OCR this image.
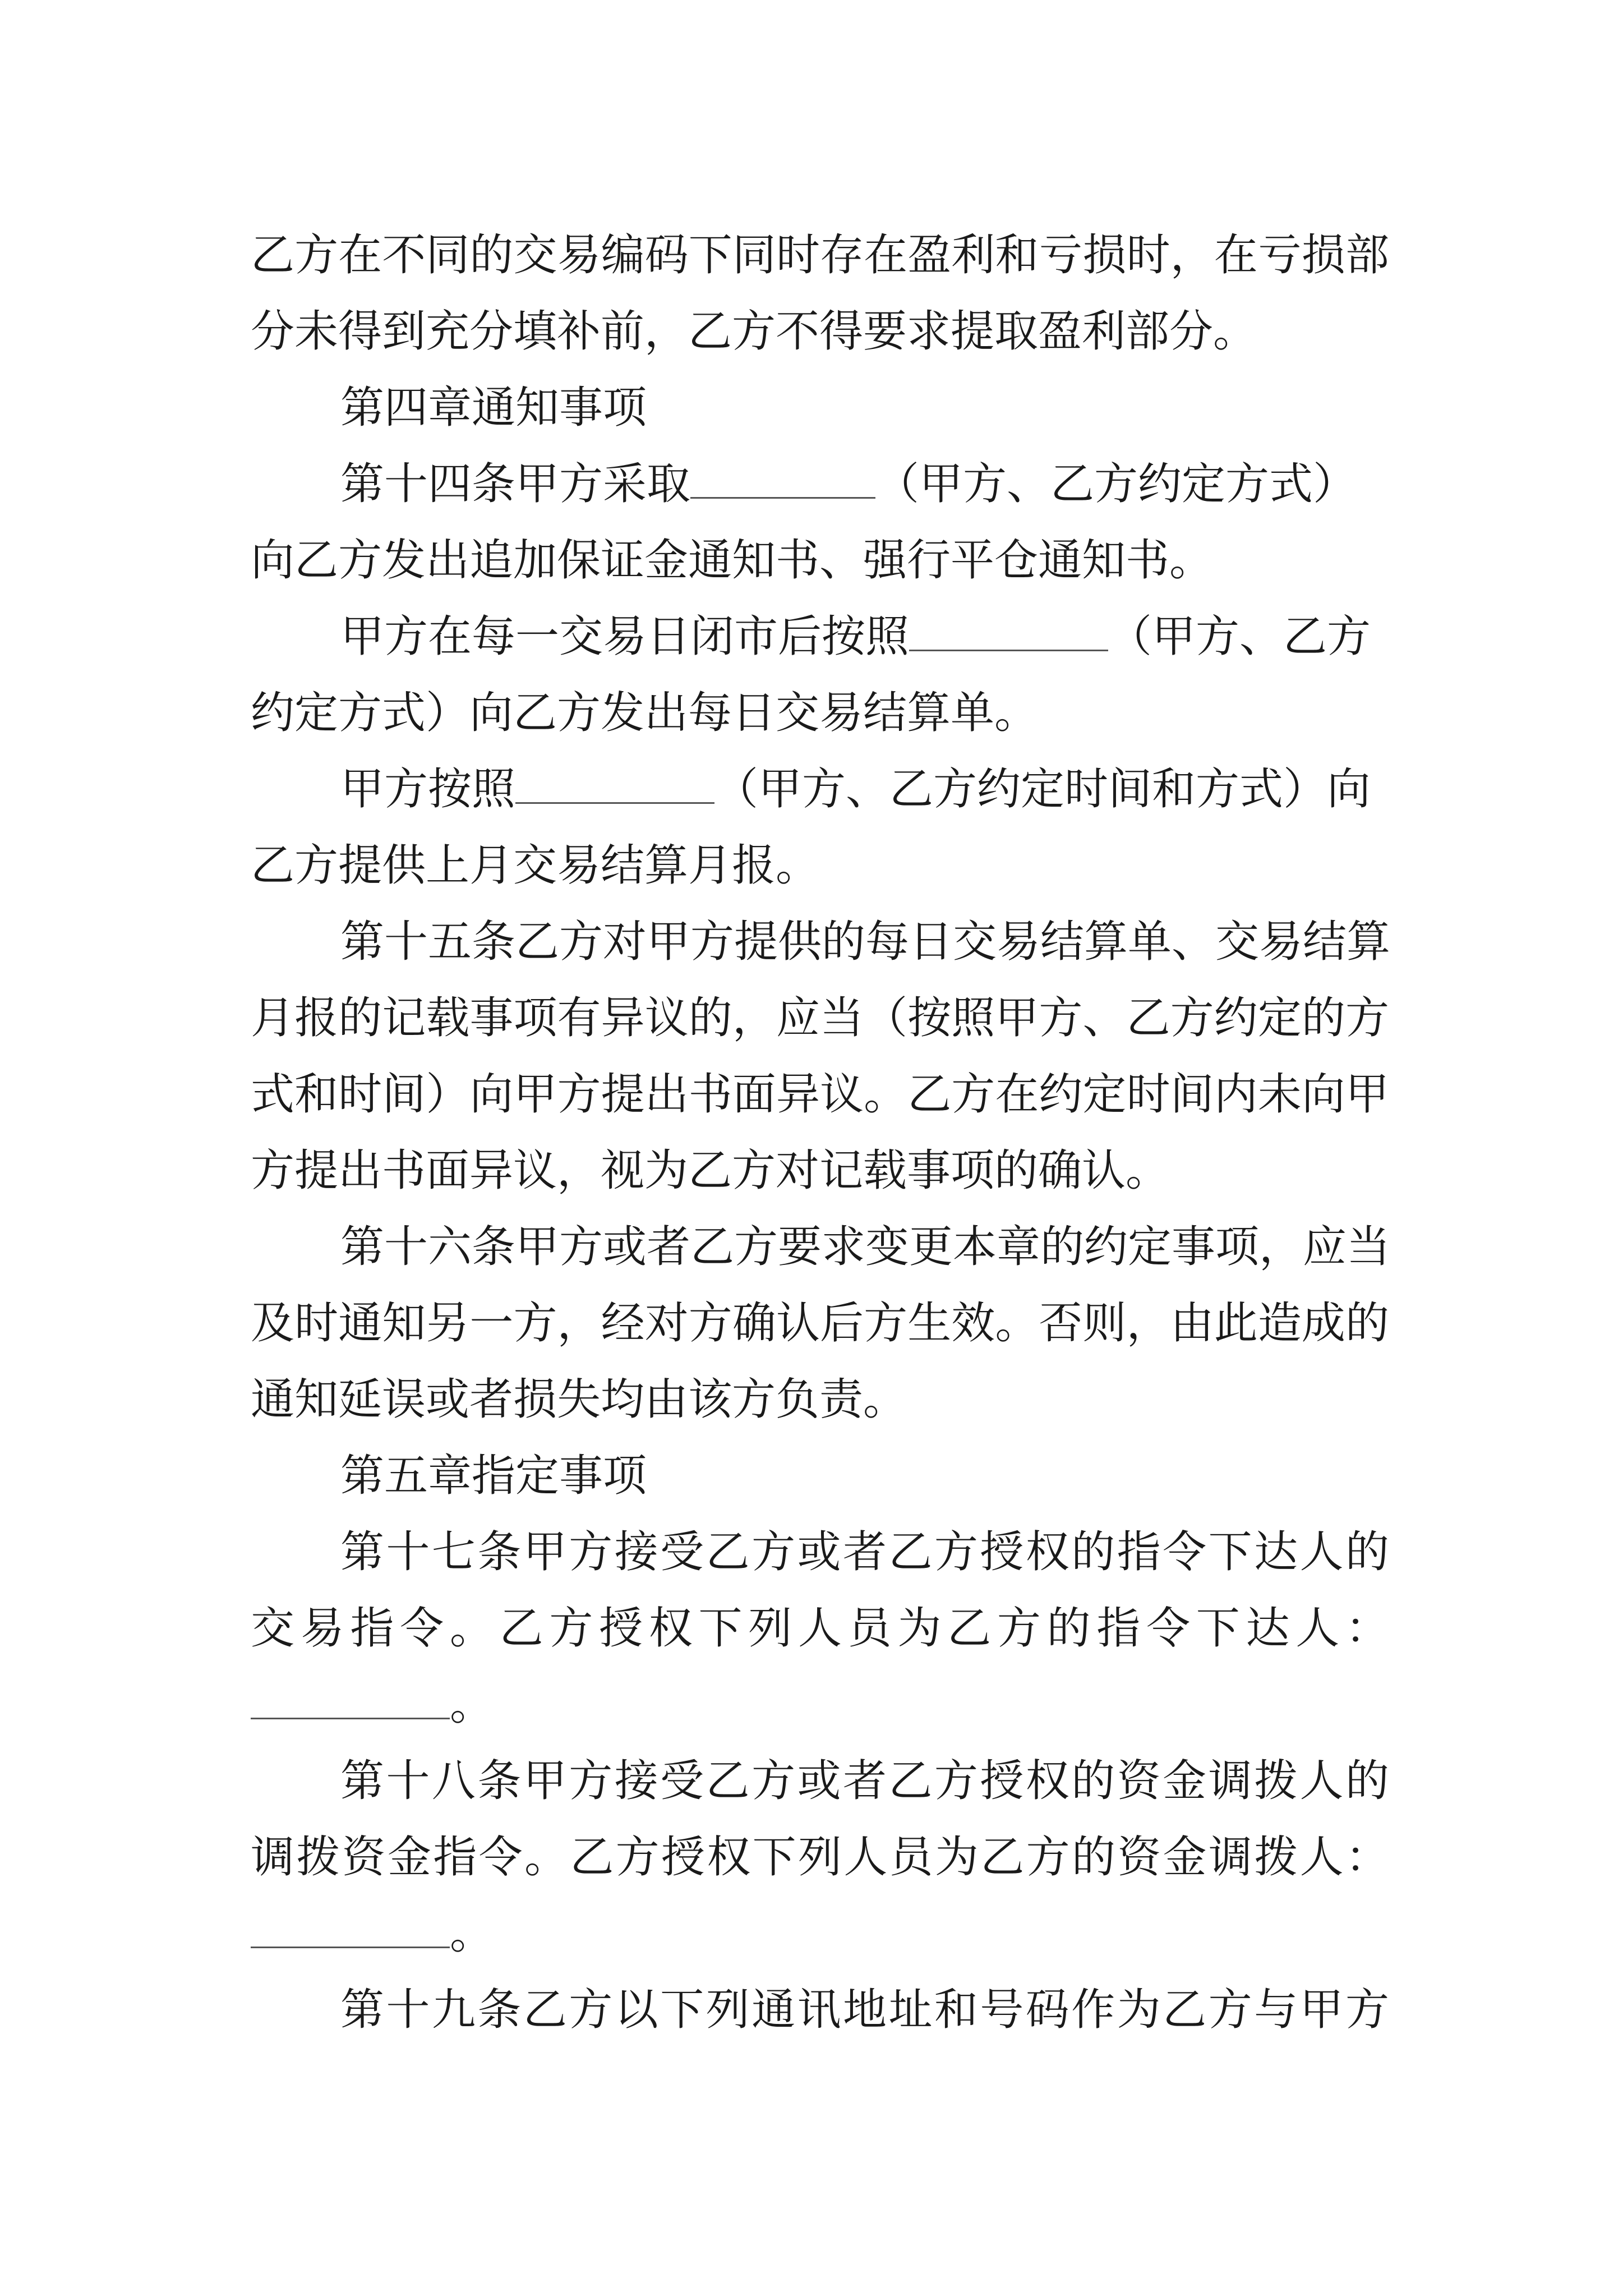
乙方在不同的交易编码下同时存在盈利和亏损时，在亏损部
分未得到充分填补前，乙方不得要求提取盈利部分。
第四章通知事项
第十四条甲方采取	（甲方、乙方约定方式）
向乙方发出追加保证金通知书、强行平仓通知书。
甲方在每一交易日闭市后按照	（甲方、乙方
约定方式）向乙方发出每日交易结算单。
甲方按照	（甲方、乙方约定时间和方式）向
乙方提供上月交易结算月报。
第十五条乙方对甲方提供的每日交易结算单、交易结算
月报的记载事项有异议的，应当（按照甲方、乙方约定的方
式和时间）向甲方提出书面异议。乙方在约定时间内未向甲
方提出书面异议，视为乙方对记载事项的确认。
第十六条甲方或者乙方要求变更本章的约定事项，应当
及时通知另一方，经对方确认后方生效。否则，由此造成的
通知延误或者损失均由该方负责。
第五章指定事项
第十七条甲方接受乙方或者乙方授权的指令下达人的
交易指令。乙方授权下列人员为乙方的指令下达人：
。
第十八条甲方接受乙方或者乙方授权的资金调拨人的
调拨资金指令。乙方授权下列人员为乙方的资金调拨人：
。
第十九条乙方以下列通讯地址和号码作为乙方与甲方
